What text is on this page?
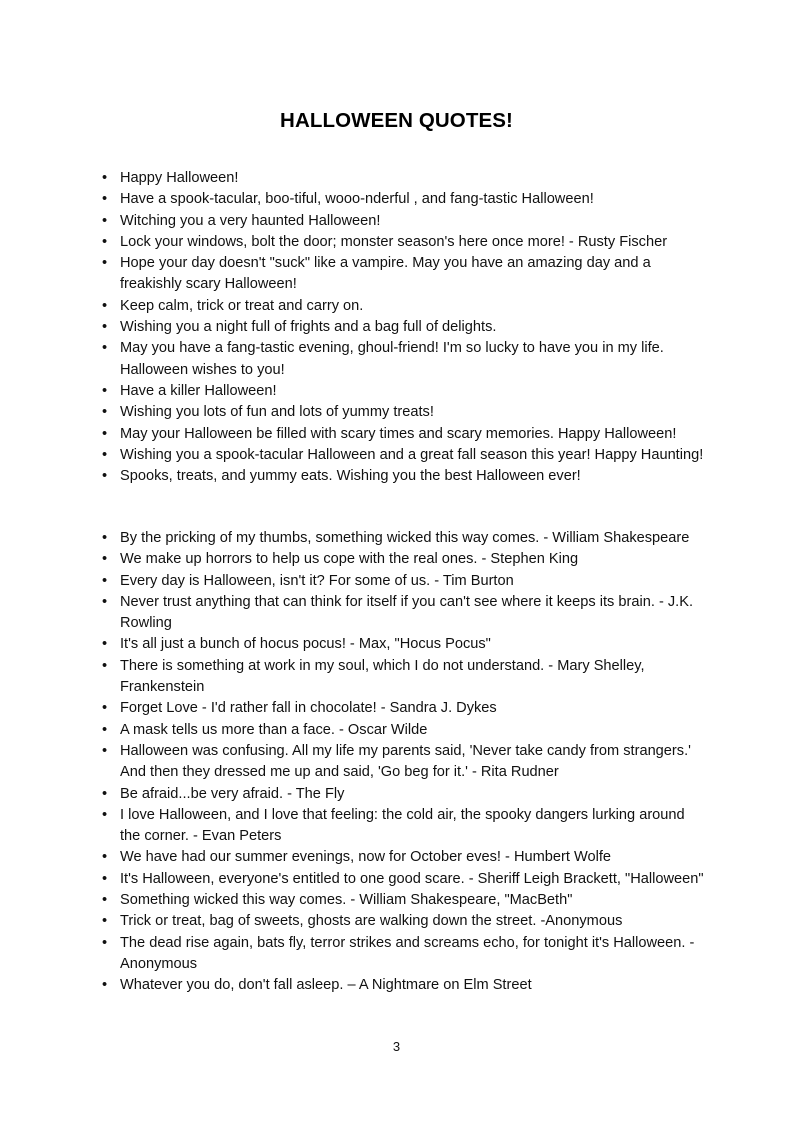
HALLOWEEN QUOTES!
• Happy Halloween!
• Have a spook-tacular, boo-tiful, wooo-nderful , and fang-tastic Halloween!
• Witching you a very haunted Halloween!
• Lock your windows, bolt the door; monster season's here once more! - Rusty Fischer
• Hope your day doesn't "suck" like a vampire. May you have an amazing day and a freakishly scary Halloween!
• Keep calm, trick or treat and carry on.
• Wishing you a night full of frights and a bag full of delights.
• May you have a fang-tastic evening, ghoul-friend! I'm so lucky to have you in my life. Halloween wishes to you!
• Have a killer Halloween!
• Wishing you lots of fun and lots of yummy treats!
• May your Halloween be filled with scary times and scary memories. Happy Halloween!
• Wishing you a spook-tacular Halloween and a great fall season this year! Happy Haunting!
• Spooks, treats, and yummy eats. Wishing you the best Halloween ever!
• By the pricking of my thumbs, something wicked this way comes. - William Shakespeare
• We make up horrors to help us cope with the real ones. - Stephen King
• Every day is Halloween, isn't it? For some of us. - Tim Burton
• Never trust anything that can think for itself if you can't see where it keeps its brain. - J.K. Rowling
• It's all just a bunch of hocus pocus! - Max, "Hocus Pocus"
• There is something at work in my soul, which I do not understand. - Mary Shelley, Frankenstein
• Forget Love - I'd rather fall in chocolate! - Sandra J. Dykes
• A mask tells us more than a face. - Oscar Wilde
• Halloween was confusing. All my life my parents said, 'Never take candy from strangers.' And then they dressed me up and said, 'Go beg for it.' - Rita Rudner
• Be afraid...be very afraid. - The Fly
• I love Halloween, and I love that feeling: the cold air, the spooky dangers lurking around the corner. - Evan Peters
• We have had our summer evenings, now for October eves! - Humbert Wolfe
• It's Halloween, everyone's entitled to one good scare. - Sheriff Leigh Brackett, "Halloween"
• Something wicked this way comes. - William Shakespeare, "MacBeth"
• Trick or treat, bag of sweets, ghosts are walking down the street. -Anonymous
• The dead rise again, bats fly, terror strikes and screams echo, for tonight it's Halloween. -Anonymous
• Whatever you do, don't fall asleep. – A Nightmare on Elm Street
3
